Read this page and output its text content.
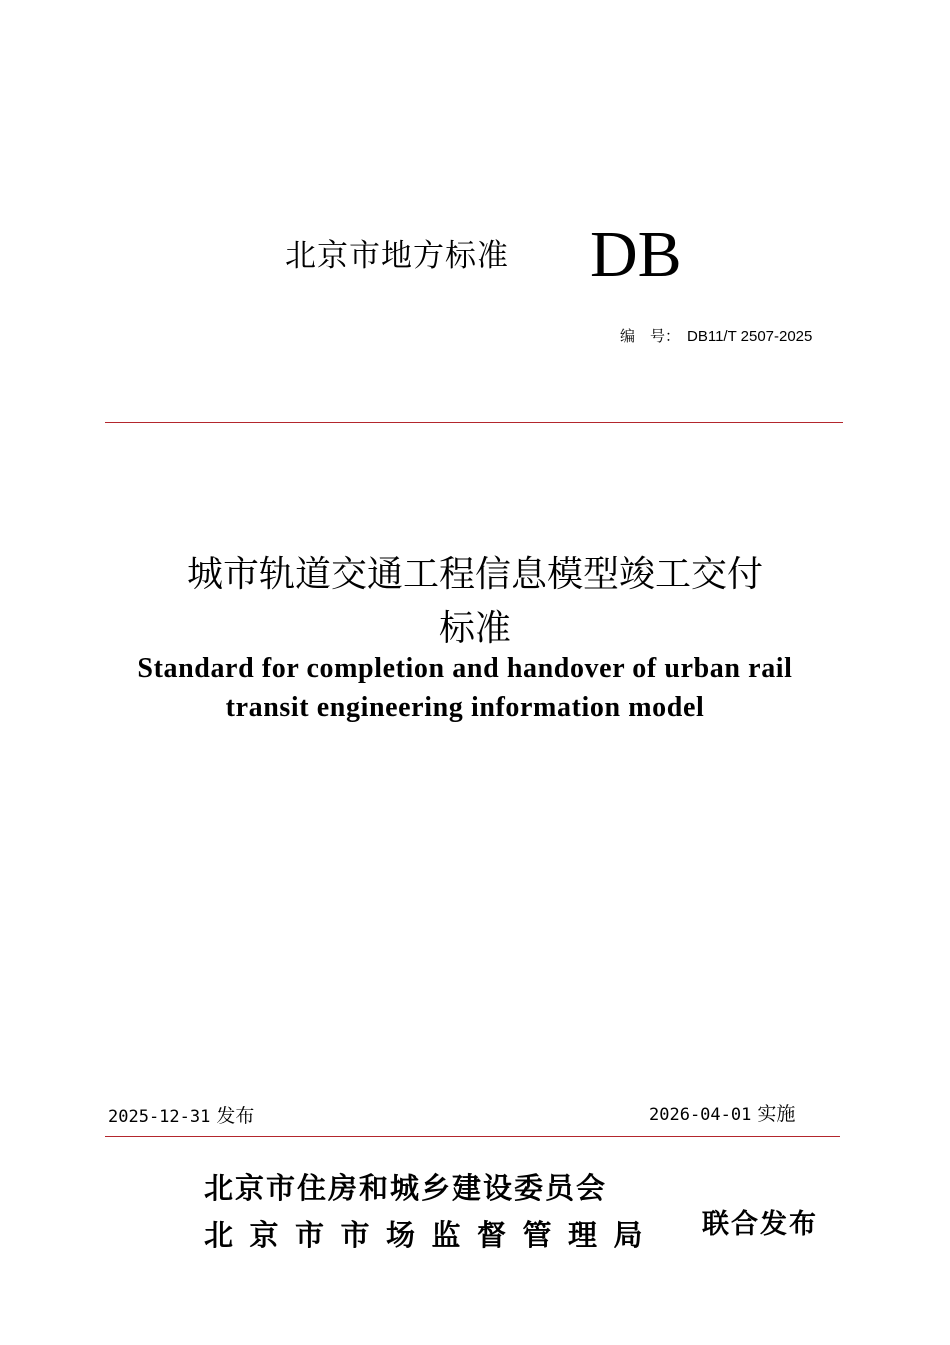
北京市地方标准 DB
编　号： DB11/T 2507-2025
城市轨道交通工程信息模型竣工交付
标准
Standard for completion and handover of urban rail
transit engineering information model
2025-12-31 发布	2026-04-01 实施
北京市住房和城乡建设委员会
北京市市场监督管理局 联合发布
